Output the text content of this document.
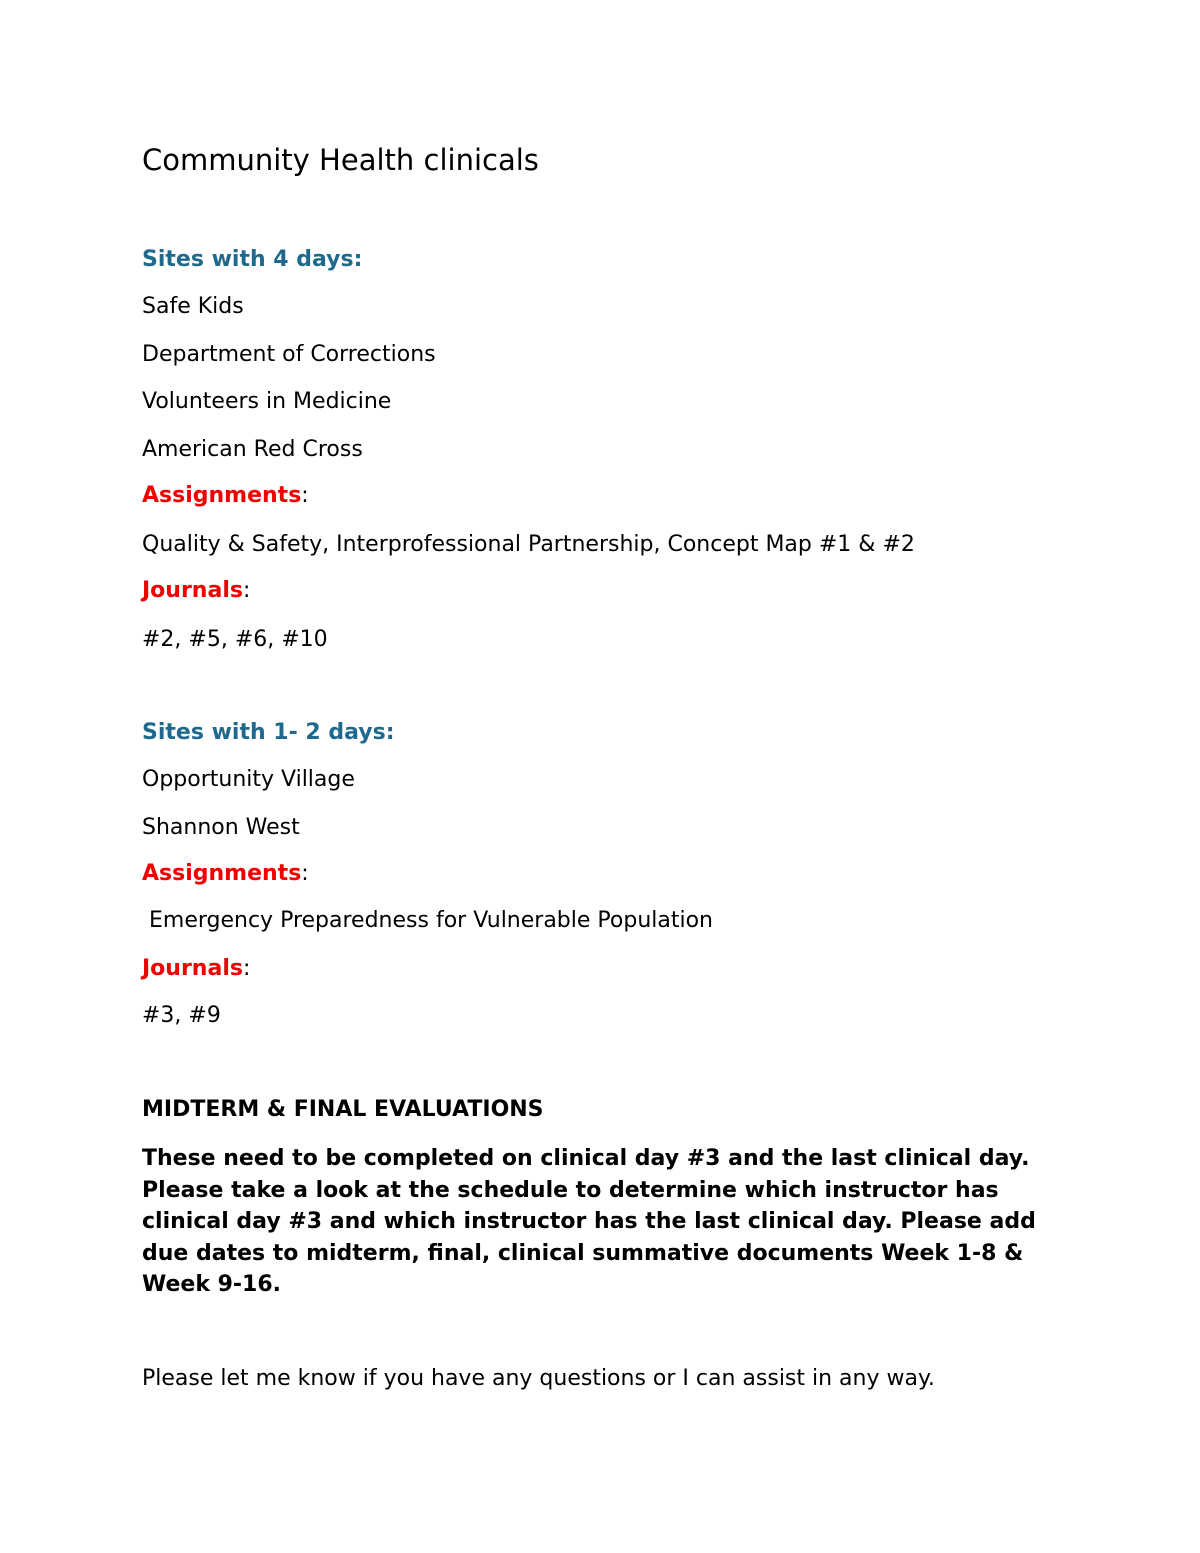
Community Health clinicals

Sites with 4 days:

Safe Kids

Department of Corrections

Volunteers in Medicine

American Red Cross

Assignments:

Quality & Safety, Interprofessional Partnership, Concept Map #1 & #2

Journals:

#2, #5, #6, #10

Sites with 1- 2 days:

Opportunity Village

Shannon West

Assignments:

Emergency Preparedness for Vulnerable Population

Journals:

#3, #9

MIDTERM & FINAL EVALUATIONS

These need to be completed on clinical day #3 and the last clinical day. Please take a look at the schedule to determine which instructor has clinical day #3 and which instructor has the last clinical day. Please add due dates to midterm, final, clinical summative documents Week 1-8 & Week 9-16.

Please let me know if you have any questions or I can assist in any way.
